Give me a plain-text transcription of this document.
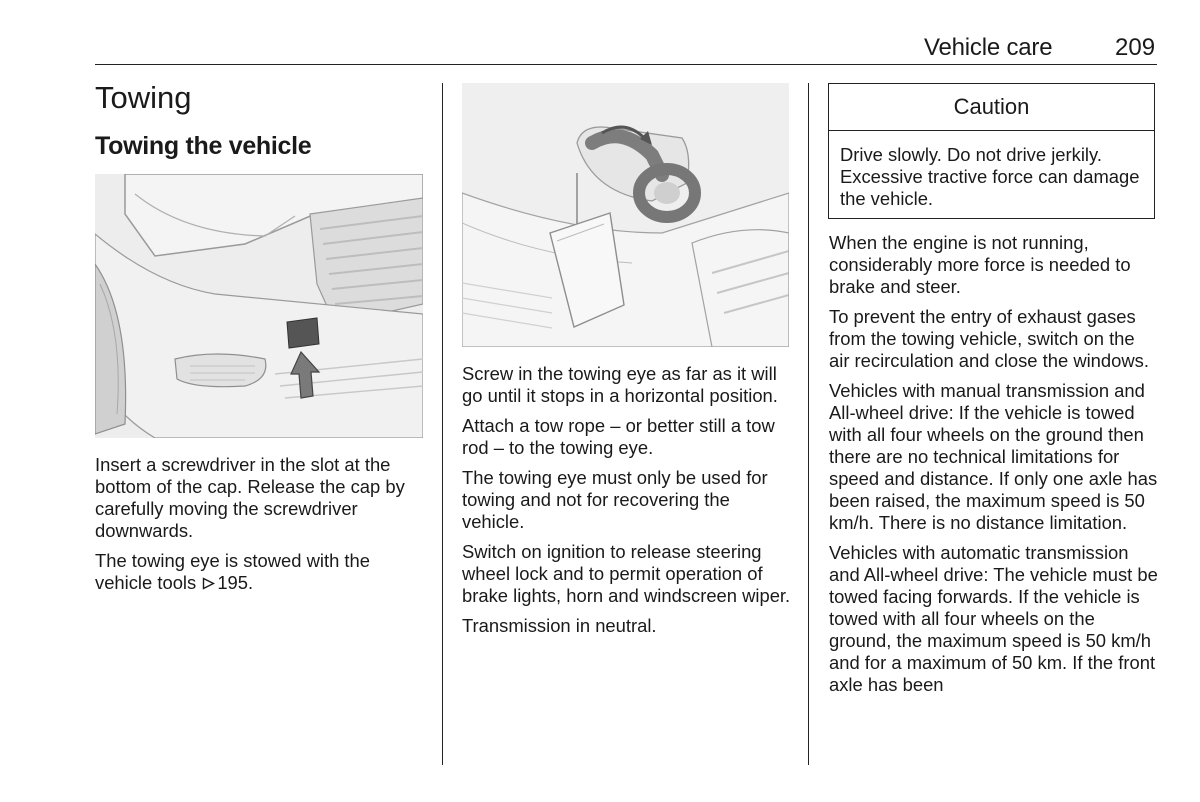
Vehicle care	209
Towing
Towing the vehicle

Insert a screwdriver in the slot at the bottom of the cap. Release the cap by carefully moving the screwdriver downwards.

The towing eye is stowed with the vehicle tools 195.

Screw in the towing eye as far as it will go until it stops in a horizontal position.

Attach a tow rope – or better still a tow rod – to the towing eye.

The towing eye must only be used for towing and not for recovering the vehicle.

Switch on ignition to release steering wheel lock and to permit operation of brake lights, horn and windscreen wiper.

Transmission in neutral.

Caution
Drive slowly. Do not drive jerkily. Excessive tractive force can damage the vehicle.

When the engine is not running, considerably more force is needed to brake and steer.

To prevent the entry of exhaust gases from the towing vehicle, switch on the air recirculation and close the windows.

Vehicles with manual transmission and All-wheel drive: If the vehicle is towed with all four wheels on the ground then there are no technical limitations for speed and distance. If only one axle has been raised, the maximum speed is 50 km/h. There is no distance limitation.

Vehicles with automatic transmission and All-wheel drive: The vehicle must be towed facing forwards. If the vehicle is towed with all four wheels on the ground, the maximum speed is 50 km/h and for a maximum of 50 km. If the front axle has been
